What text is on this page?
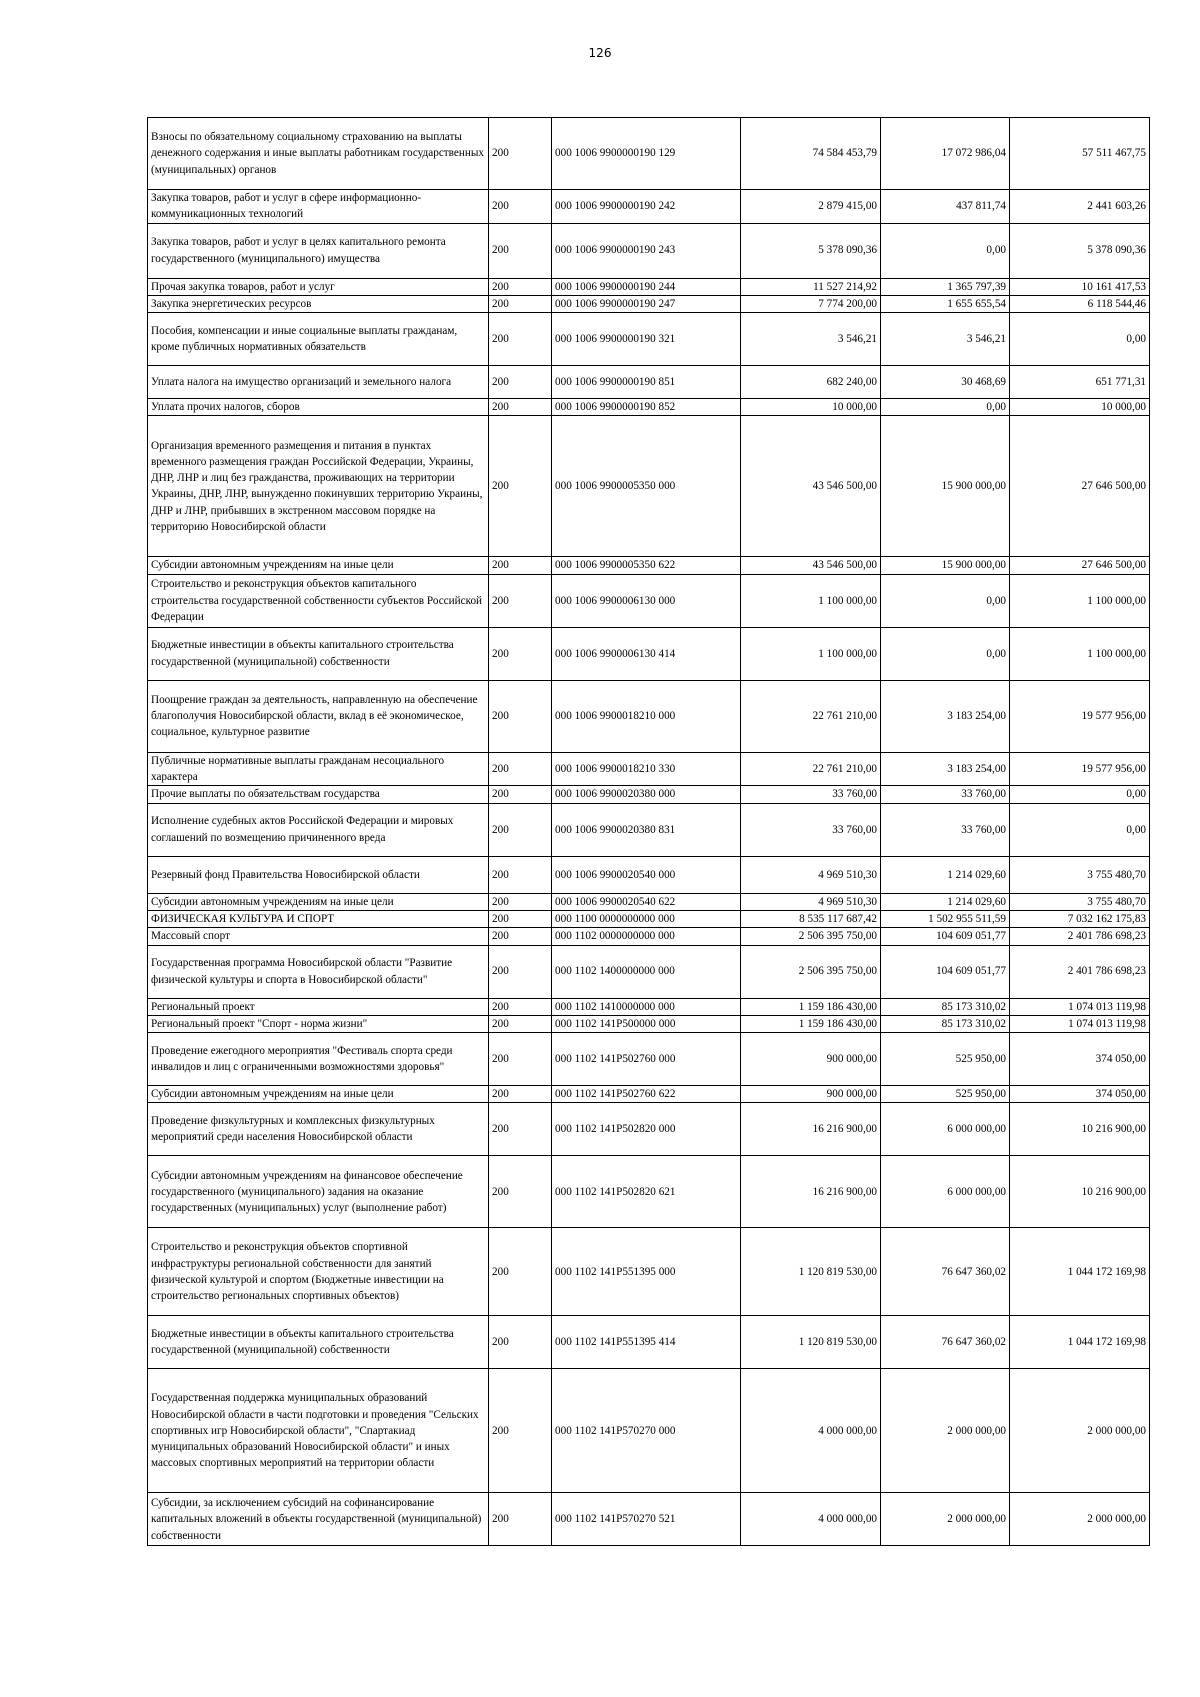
126
Взносы по обязательному социальному страхованию на выплаты денежного содержания и иные выплаты работникам государственных (муниципальных) органов	200	000 1006 9900000190 129	74 584 453,79	17 072 986,04	57 511 467,75
Закупка товаров, работ и услуг в сфере информационно-коммуникационных технологий	200	000 1006 9900000190 242	2 879 415,00	437 811,74	2 441 603,26
Закупка товаров, работ и услуг в целях капитального ремонта государственного (муниципального) имущества	200	000 1006 9900000190 243	5 378 090,36	0,00	5 378 090,36
Прочая закупка товаров, работ и услуг	200	000 1006 9900000190 244	11 527 214,92	1 365 797,39	10 161 417,53
Закупка энергетических ресурсов	200	000 1006 9900000190 247	7 774 200,00	1 655 655,54	6 118 544,46
Пособия, компенсации и иные социальные выплаты гражданам, кроме публичных нормативных обязательств	200	000 1006 9900000190 321	3 546,21	3 546,21	0,00
Уплата налога на имущество организаций и земельного налога	200	000 1006 9900000190 851	682 240,00	30 468,69	651 771,31
Уплата прочих налогов, сборов	200	000 1006 9900000190 852	10 000,00	0,00	10 000,00
Организация временного размещения и питания в пунктах временного размещения граждан Российской Федерации, Украины, ДНР, ЛНР и лиц без гражданства, проживающих на территории Украины, ДНР, ЛНР, вынужденно покинувших территорию Украины, ДНР и ЛНР, прибывших в экстренном массовом порядке на территорию Новосибирской области	200	000 1006 9900005350 000	43 546 500,00	15 900 000,00	27 646 500,00
Субсидии автономным учреждениям на иные цели	200	000 1006 9900005350 622	43 546 500,00	15 900 000,00	27 646 500,00
Строительство и реконструкция объектов капитального строительства государственной собственности субъектов Российской Федерации	200	000 1006 9900006130 000	1 100 000,00	0,00	1 100 000,00
Бюджетные инвестиции в объекты капитального строительства государственной (муниципальной) собственности	200	000 1006 9900006130 414	1 100 000,00	0,00	1 100 000,00
Поощрение граждан за деятельность, направленную на обеспечение благополучия Новосибирской области, вклад в её экономическое, социальное, культурное развитие	200	000 1006 9900018210 000	22 761 210,00	3 183 254,00	19 577 956,00
Публичные нормативные выплаты гражданам несоциального характера	200	000 1006 9900018210 330	22 761 210,00	3 183 254,00	19 577 956,00
Прочие выплаты по обязательствам государства	200	000 1006 9900020380 000	33 760,00	33 760,00	0,00
Исполнение судебных актов Российской Федерации и мировых соглашений по возмещению причиненного вреда	200	000 1006 9900020380 831	33 760,00	33 760,00	0,00
Резервный фонд Правительства Новосибирской области	200	000 1006 9900020540 000	4 969 510,30	1 214 029,60	3 755 480,70
Субсидии автономным учреждениям на иные цели	200	000 1006 9900020540 622	4 969 510,30	1 214 029,60	3 755 480,70
ФИЗИЧЕСКАЯ КУЛЬТУРА И СПОРТ	200	000 1100 0000000000 000	8 535 117 687,42	1 502 955 511,59	7 032 162 175,83
Массовый спорт	200	000 1102 0000000000 000	2 506 395 750,00	104 609 051,77	2 401 786 698,23
Государственная программа Новосибирской области "Развитие физической культуры и спорта в Новосибирской области"	200	000 1102 1400000000 000	2 506 395 750,00	104 609 051,77	2 401 786 698,23
Региональный проект	200	000 1102 1410000000 000	1 159 186 430,00	85 173 310,02	1 074 013 119,98
Региональный проект "Спорт - норма жизни"	200	000 1102 141P500000 000	1 159 186 430,00	85 173 310,02	1 074 013 119,98
Проведение ежегодного мероприятия "Фестиваль спорта среди инвалидов и лиц с ограниченными возможностями здоровья"	200	000 1102 141P502760 000	900 000,00	525 950,00	374 050,00
Субсидии автономным учреждениям на иные цели	200	000 1102 141P502760 622	900 000,00	525 950,00	374 050,00
Проведение физкультурных и комплексных физкультурных мероприятий среди населения Новосибирской области	200	000 1102 141P502820 000	16 216 900,00	6 000 000,00	10 216 900,00
Субсидии автономным учреждениям на финансовое обеспечение государственного (муниципального) задания на оказание государственных (муниципальных) услуг (выполнение работ)	200	000 1102 141P502820 621	16 216 900,00	6 000 000,00	10 216 900,00
Строительство и реконструкция объектов спортивной инфраструктуры региональной собственности для занятий физической культурой и спортом (Бюджетные инвестиции на строительство региональных спортивных объектов)	200	000 1102 141P551395 000	1 120 819 530,00	76 647 360,02	1 044 172 169,98
Бюджетные инвестиции в объекты капитального строительства государственной (муниципальной) собственности	200	000 1102 141P551395 414	1 120 819 530,00	76 647 360,02	1 044 172 169,98
Государственная поддержка муниципальных образований Новосибирской области в части подготовки и проведения "Сельских спортивных игр Новосибирской области", "Спартакиад муниципальных образований Новосибирской области" и иных массовых спортивных мероприятий на территории области	200	000 1102 141P570270 000	4 000 000,00	2 000 000,00	2 000 000,00
Субсидии, за исключением субсидий на софинансирование капитальных вложений в объекты государственной (муниципальной) собственности	200	000 1102 141P570270 521	4 000 000,00	2 000 000,00	2 000 000,00
